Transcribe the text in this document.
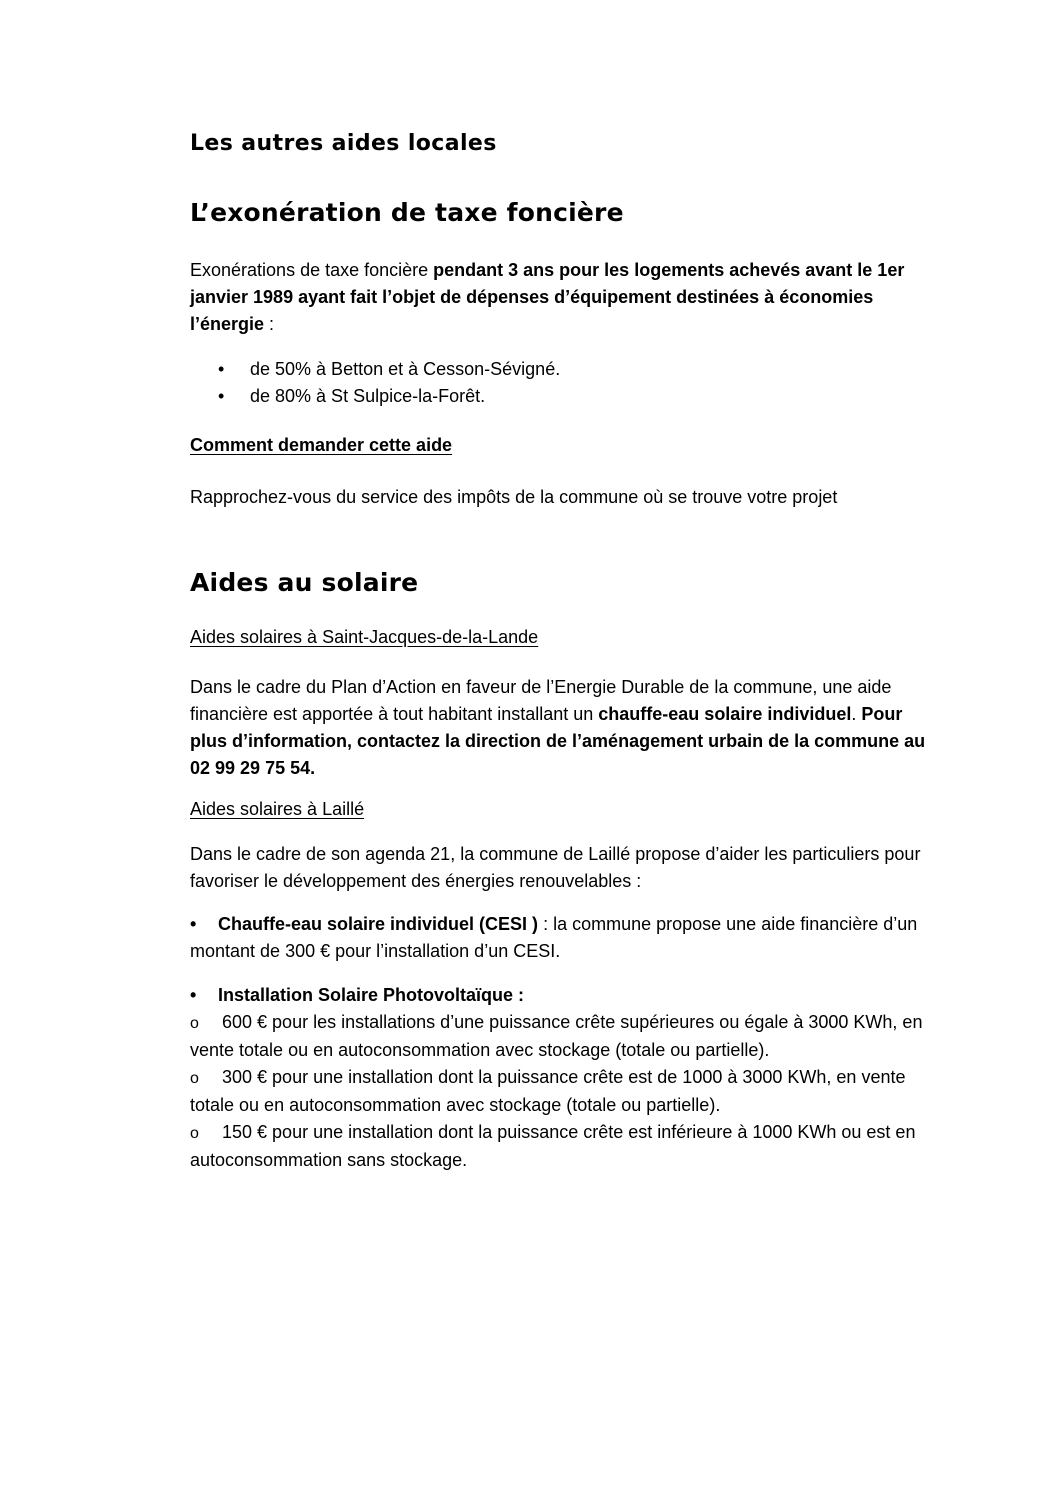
Les autres aides locales
L’exonération de taxe foncière

Exonérations de taxe foncière pendant 3 ans pour les logements achevés avant le 1er janvier 1989 ayant fait l’objet de dépenses d’équipement destinées à économies l’énergie :

• de 50% à Betton et à Cesson-Sévigné.
• de 80% à St Sulpice-la-Forêt.
Comment demander cette aide

Rapprochez-vous du service des impôts de la commune où se trouve votre projet

Aides au solaire
Aides solaires à Saint-Jacques-de-la-Lande

Dans le cadre du Plan d’Action en faveur de l’Energie Durable de la commune, une aide financière est apportée à tout habitant installant un chauffe-eau solaire individuel. Pour plus d’information, contactez la direction de l’aménagement urbain de la commune au 02 99 29 75 54.

Aides solaires à Laillé

Dans le cadre de son agenda 21, la commune de Laillé propose d’aider les particuliers pour favoriser le développement des énergies renouvelables :

• Chauffe-eau solaire individuel (CESI ) : la commune propose une aide financière d’un montant de 300 € pour l’installation d’un CESI.

• Installation Solaire Photovoltaïque :

o 600 € pour les installations d’une puissance crête supérieures ou égale à 3000 KWh, en vente totale ou en autoconsommation avec stockage (totale ou partielle).

o 300 € pour une installation dont la puissance crête est de 1000 à 3000 KWh, en vente totale ou en autoconsommation avec stockage (totale ou partielle).

o 150 € pour une installation dont la puissance crête est inférieure à 1000 KWh ou est en autoconsommation sans stockage.
